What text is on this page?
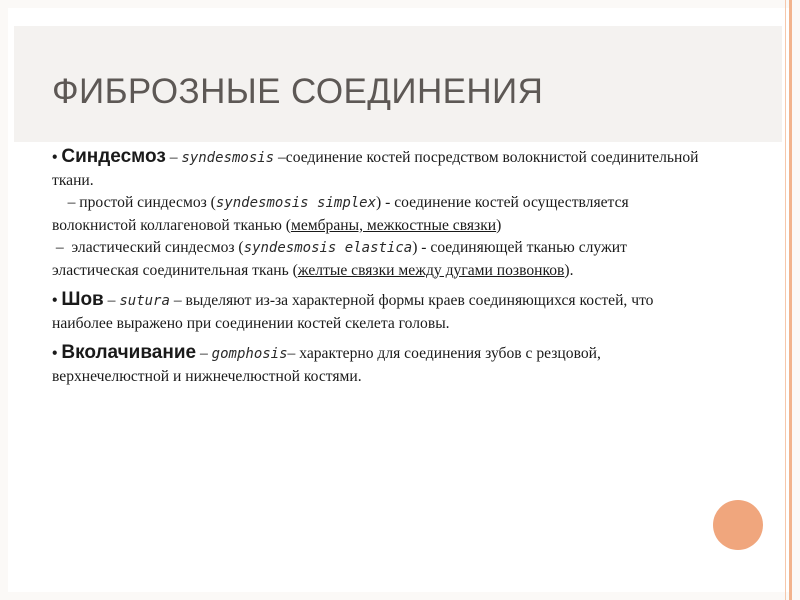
ФИБРОЗНЫЕ СОЕДИНЕНИЯ

• Синдесмоз – syndesmosis –соединение костей посредством волокнистой соединительной ткани.

– простой синдесмоз (syndesmosis simplex) - соединение костей осуществляется волокнистой коллагеновой тканью (мембраны, межкостные связки)

–  эластический синдесмоз (syndesmosis elastica) - соединяющей тканью служит эластическая соединительная ткань (желтые связки между дугами позвонков).

• Шов – sutura – выделяют из-за характерной формы краев соединяющихся костей, что наиболее выражено при соединении костей скелета головы.

• Вколачивание – gomphosis– характерно для соединения зубов с резцовой, верхнечелюстной и нижнечелюстной костями.
